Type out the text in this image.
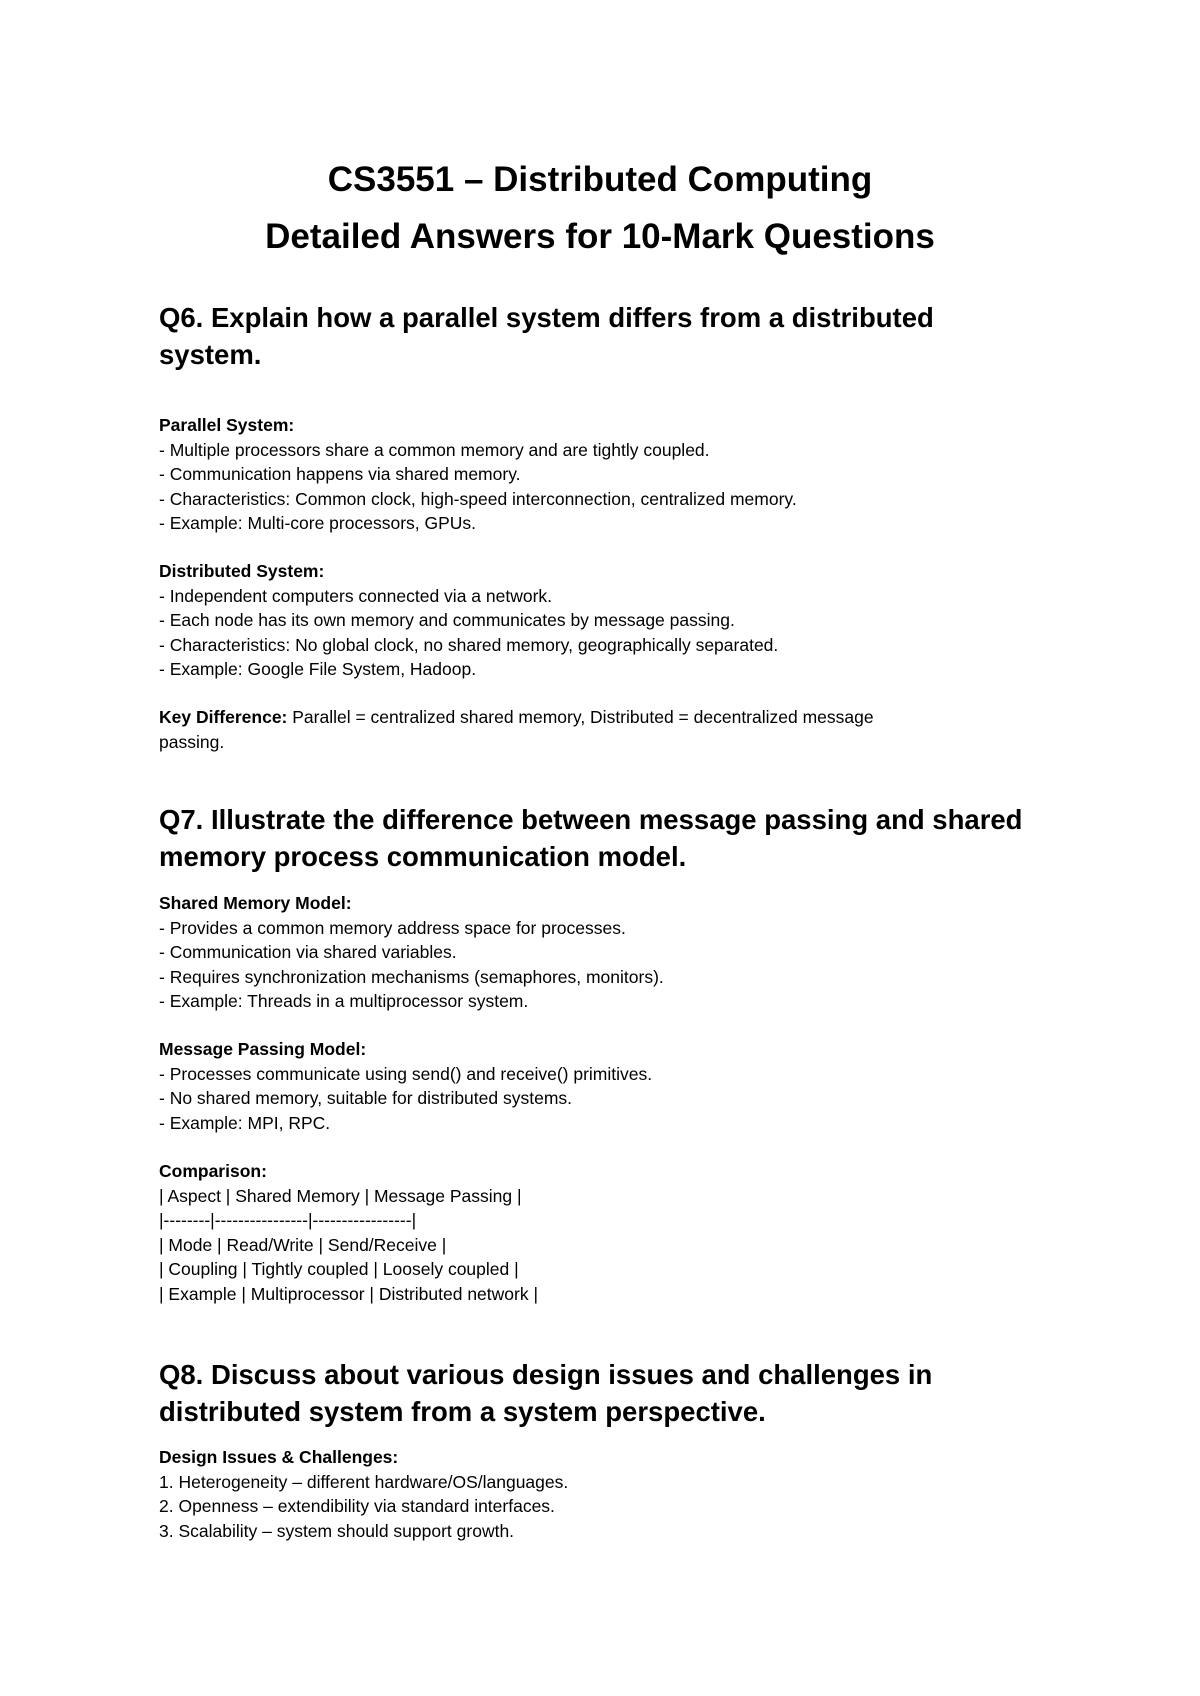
CS3551 – Distributed Computing
Detailed Answers for 10-Mark Questions
Q6. Explain how a parallel system differs from a distributed
system.
Parallel System:
- Multiple processors share a common memory and are tightly coupled.
- Communication happens via shared memory.
- Characteristics: Common clock, high-speed interconnection, centralized memory.
- Example: Multi-core processors, GPUs.
Distributed System:
- Independent computers connected via a network.
- Each node has its own memory and communicates by message passing.
- Characteristics: No global clock, no shared memory, geographically separated.
- Example: Google File System, Hadoop.
Key Difference: Parallel = centralized shared memory, Distributed = decentralized message
passing.
Q7. Illustrate the difference between message passing and shared
memory process communication model.
Shared Memory Model:
- Provides a common memory address space for processes.
- Communication via shared variables.
- Requires synchronization mechanisms (semaphores, monitors).
- Example: Threads in a multiprocessor system.
Message Passing Model:
- Processes communicate using send() and receive() primitives.
- No shared memory, suitable for distributed systems.
- Example: MPI, RPC.
Comparison:
| Aspect | Shared Memory | Message Passing |
|--------|----------------|-----------------|
| Mode | Read/Write | Send/Receive |
| Coupling | Tightly coupled | Loosely coupled |
| Example | Multiprocessor | Distributed network |
Q8. Discuss about various design issues and challenges in
distributed system from a system perspective.
Design Issues & Challenges:
1. Heterogeneity – different hardware/OS/languages.
2. Openness – extendibility via standard interfaces.
3. Scalability – system should support growth.
